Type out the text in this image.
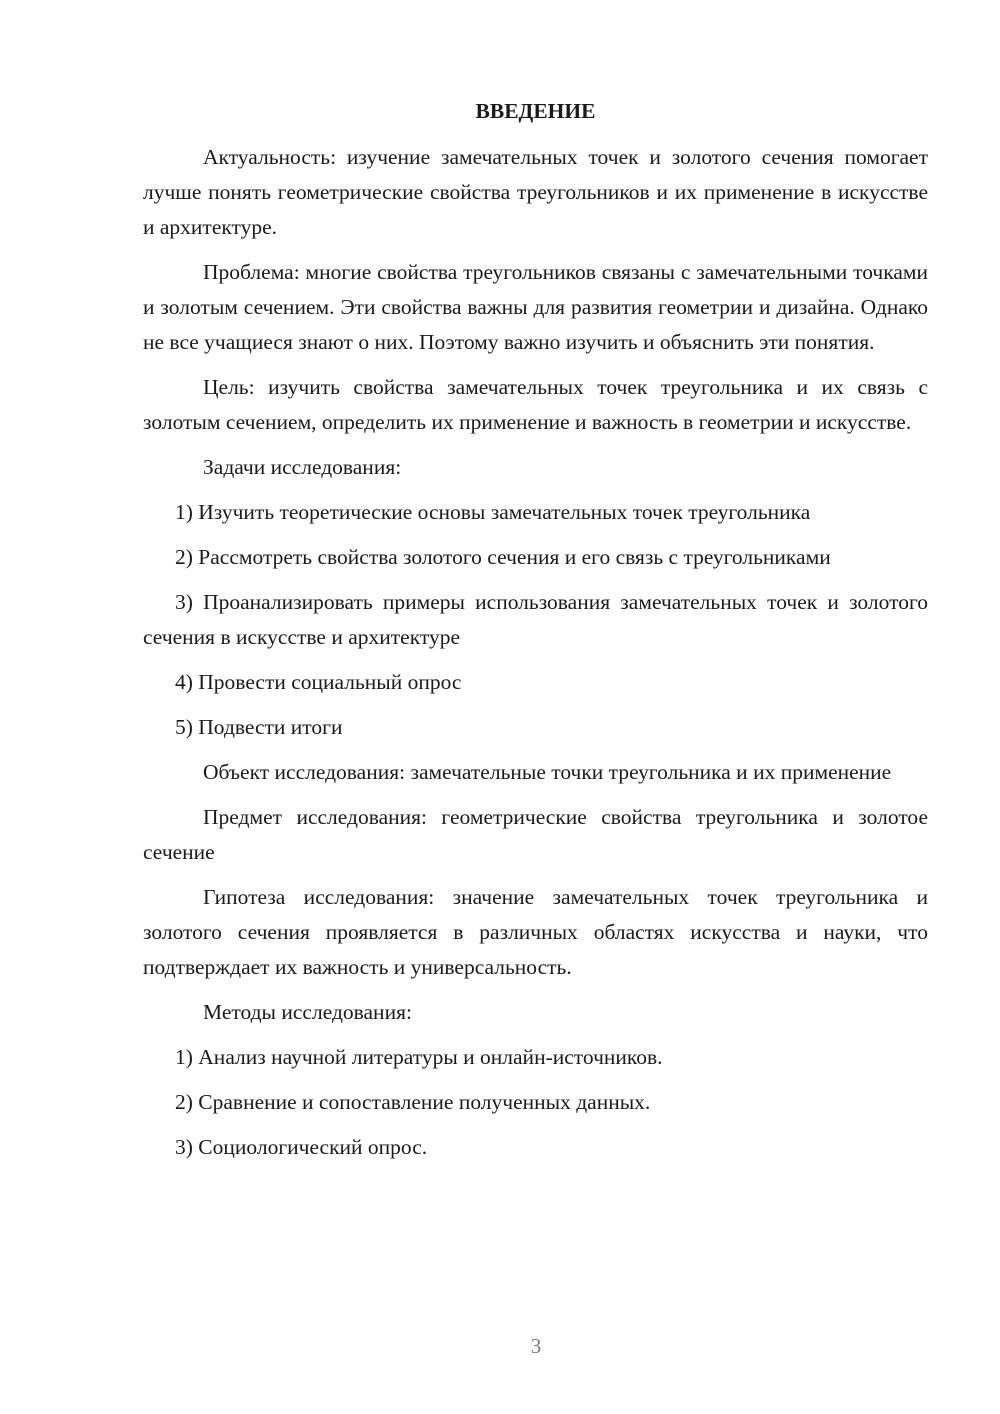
ВВЕДЕНИЕ

Актуальность: изучение замечательных точек и золотого сечения помогает лучше понять геометрические свойства треугольников и их применение в искусстве и архитектуре.

Проблема: многие свойства треугольников связаны с замечательными точками и золотым сечением. Эти свойства важны для развития геометрии и дизайна. Однако не все учащиеся знают о них. Поэтому важно изучить и объяснить эти понятия.

Цель: изучить свойства замечательных точек треугольника и их связь с золотым сечением, определить их применение и важность в геометрии и искусстве.

Задачи исследования:

1) Изучить теоретические основы замечательных точек треугольника

2) Рассмотреть свойства золотого сечения и его связь с треугольниками

3) Проанализировать примеры использования замечательных точек и золотого сечения в искусстве и архитектуре

4) Провести социальный опрос

5) Подвести итоги

Объект исследования: замечательные точки треугольника и их применение

Предмет исследования: геометрические свойства треугольника и золотое сечение

Гипотеза исследования: значение замечательных точек треугольника и золотого сечения проявляется в различных областях искусства и науки, что подтверждает их важность и универсальность.

Методы исследования:

1) Анализ научной литературы и онлайн-источников.

2) Сравнение и сопоставление полученных данных.

3) Социологический опрос.

3
